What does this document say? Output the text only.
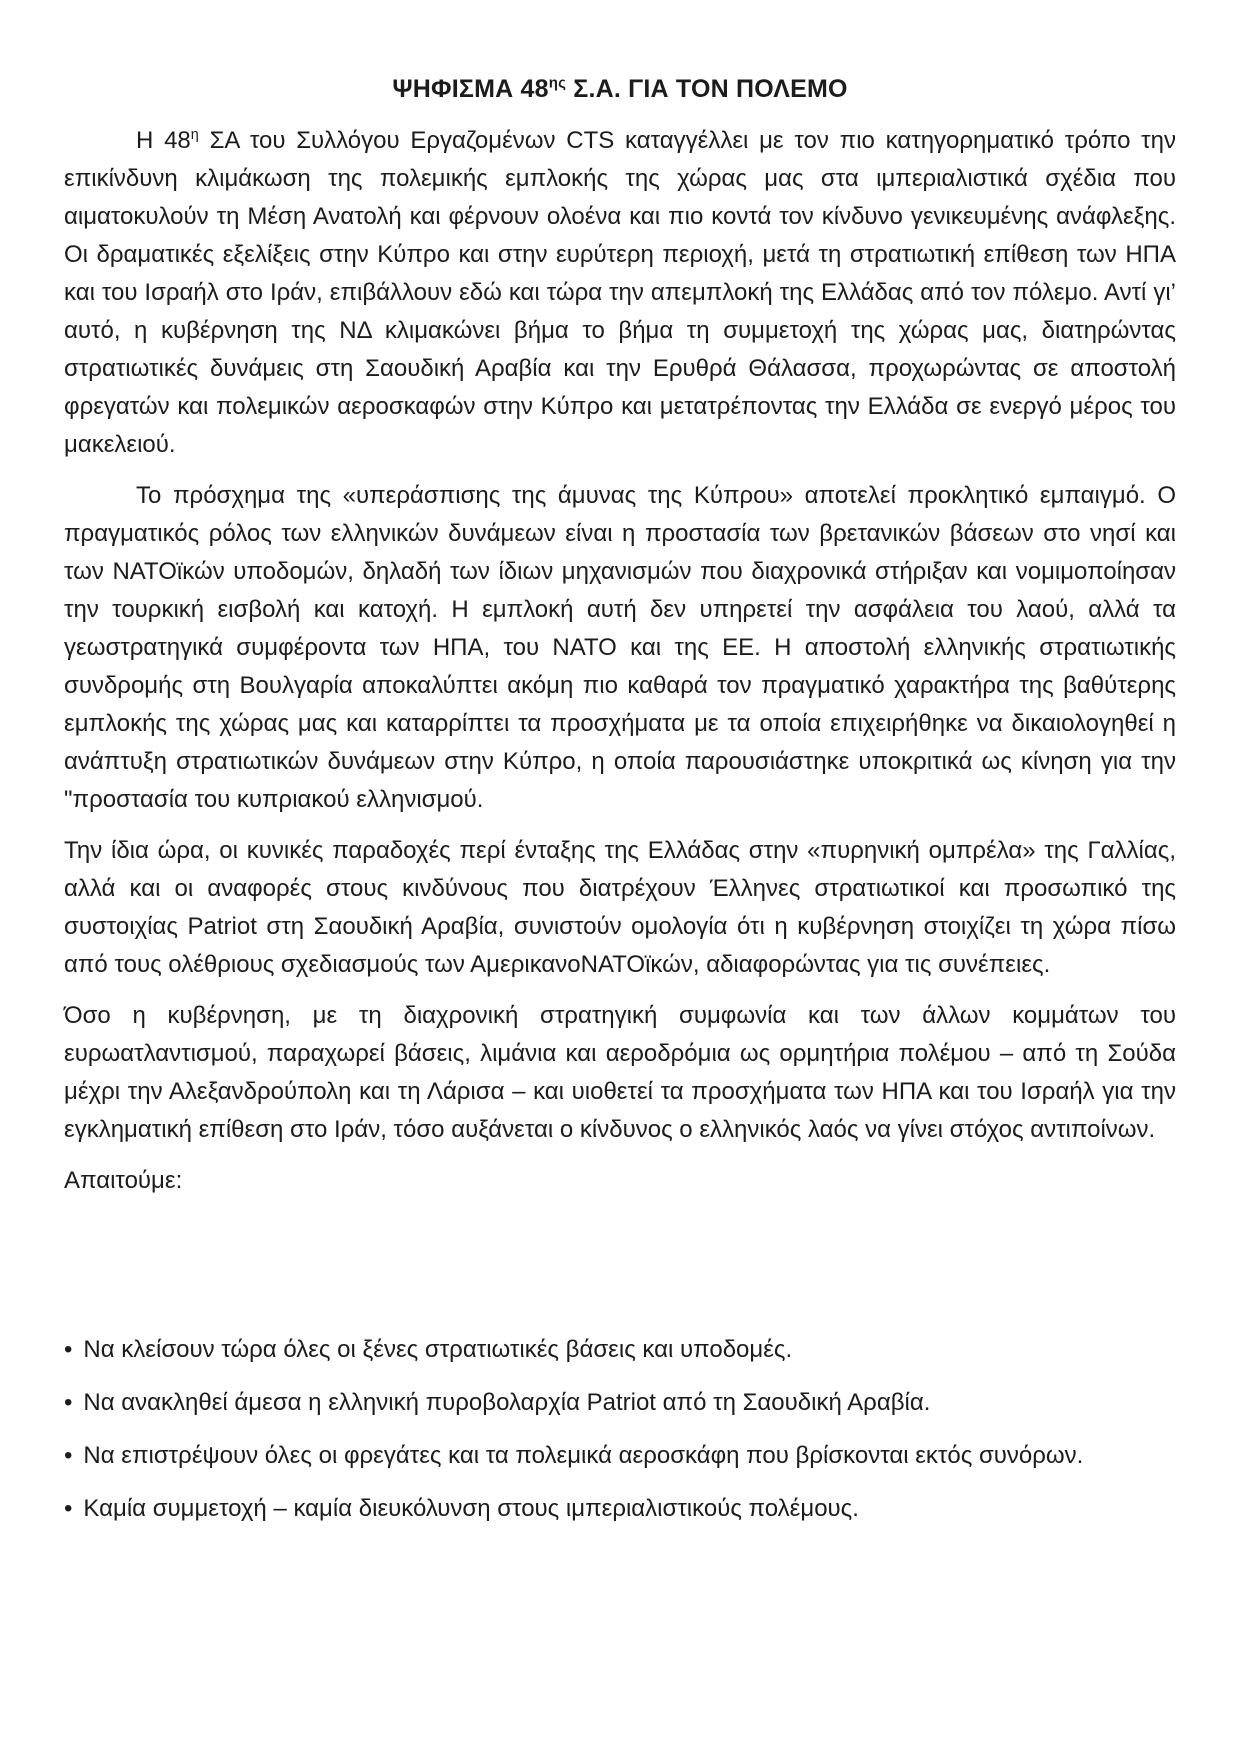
ΨΗΦΙΣΜΑ $48^{\eta\varsigma}$ Σ.Α. ΓΙΑ ΤΟΝ ΠΟΛΕΜΟ

Η $48^\eta$ ΣΑ του Συλλόγου Εργαζομένων CTS καταγγέλλει με τον πιο κατηγορηματικό τρόπο την επικίνδυνη κλιμάκωση της πολεμικής εμπλοκής της χώρας μας στα ιμπεριαλιστικά σχέδια που αιματοκυλούν τη Μέση Ανατολή και φέρνουν ολοένα και πιο κοντά τον κίνδυνο γενικευμένης ανάφλεξης. Οι δραματικές εξελίξεις στην Κύπρο και στην ευρύτερη περιοχή, μετά τη στρατιωτική επίθεση των ΗΠΑ και του Ισραήλ στο Ιράν, επιβάλλουν εδώ και τώρα την απεμπλοκή της Ελλάδας από τον πόλεμο. Αντί γι’ αυτό, η κυβέρνηση της ΝΔ κλιμακώνει βήμα το βήμα τη συμμετοχή της χώρας μας, διατηρώντας στρατιωτικές δυνάμεις στη Σαουδική Αραβία και την Ερυθρά Θάλασσα, προχωρώντας σε αποστολή φρεγατών και πολεμικών αεροσκαφών στην Κύπρο και μετατρέποντας την Ελλάδα σε ενεργό μέρος του μακελειού.

Το πρόσχημα της «υπεράσπισης της άμυνας της Κύπρου» αποτελεί προκλητικό εμπαιγμό. Ο πραγματικός ρόλος των ελληνικών δυνάμεων είναι η προστασία των βρετανικών βάσεων στο νησί και των ΝΑΤΟϊκών υποδομών, δηλαδή των ίδιων μηχανισμών που διαχρονικά στήριξαν και νομιμοποίησαν την τουρκική εισβολή και κατοχή. Η εμπλοκή αυτή δεν υπηρετεί την ασφάλεια του λαού, αλλά τα γεωστρατηγικά συμφέροντα των ΗΠΑ, του ΝΑΤΟ και της ΕΕ. Η αποστολή ελληνικής στρατιωτικής συνδρομής στη Βουλγαρία αποκαλύπτει ακόμη πιο καθαρά τον πραγματικό χαρακτήρα της βαθύτερης εμπλοκής της χώρας μας και καταρρίπτει τα προσχήματα με τα οποία επιχειρήθηκε να δικαιολογηθεί η ανάπτυξη στρατιωτικών δυνάμεων στην Κύπρο, η οποία παρουσιάστηκε υποκριτικά ως κίνηση για την "προστασία του κυπριακού ελληνισμού.

Την ίδια ώρα, οι κυνικές παραδοχές περί ένταξης της Ελλάδας στην «πυρηνική ομπρέλα» της Γαλλίας, αλλά και οι αναφορές στους κινδύνους που διατρέχουν Έλληνες στρατιωτικοί και προσωπικό της συστοιχίας Patriot στη Σαουδική Αραβία, συνιστούν ομολογία ότι η κυβέρνηση στοιχίζει τη χώρα πίσω από τους ολέθριους σχεδιασμούς των ΑμερικανοΝΑΤΟϊκών, αδιαφορώντας για τις συνέπειες.

Όσο η κυβέρνηση, με τη διαχρονική στρατηγική συμφωνία και των άλλων κομμάτων του ευρωατλαντισμού, παραχωρεί βάσεις, λιμάνια και αεροδρόμια ως ορμητήρια πολέμου – από τη Σούδα μέχρι την Αλεξανδρούπολη και τη Λάρισα – και υιοθετεί τα προσχήματα των ΗΠΑ και του Ισραήλ για την εγκληματική επίθεση στο Ιράν, τόσο αυξάνεται ο κίνδυνος ο ελληνικός λαός να γίνει στόχος αντιποίνων.

Απαιτούμε:

• Να κλείσουν τώρα όλες οι ξένες στρατιωτικές βάσεις και υποδομές.
• Να ανακληθεί άμεσα η ελληνική πυροβολαρχία Patriot από τη Σαουδική Αραβία.
• Να επιστρέψουν όλες οι φρεγάτες και τα πολεμικά αεροσκάφη που βρίσκονται εκτός συνόρων.
• Καμία συμμετοχή – καμία διευκόλυνση στους ιμπεριαλιστικούς πολέμους.
